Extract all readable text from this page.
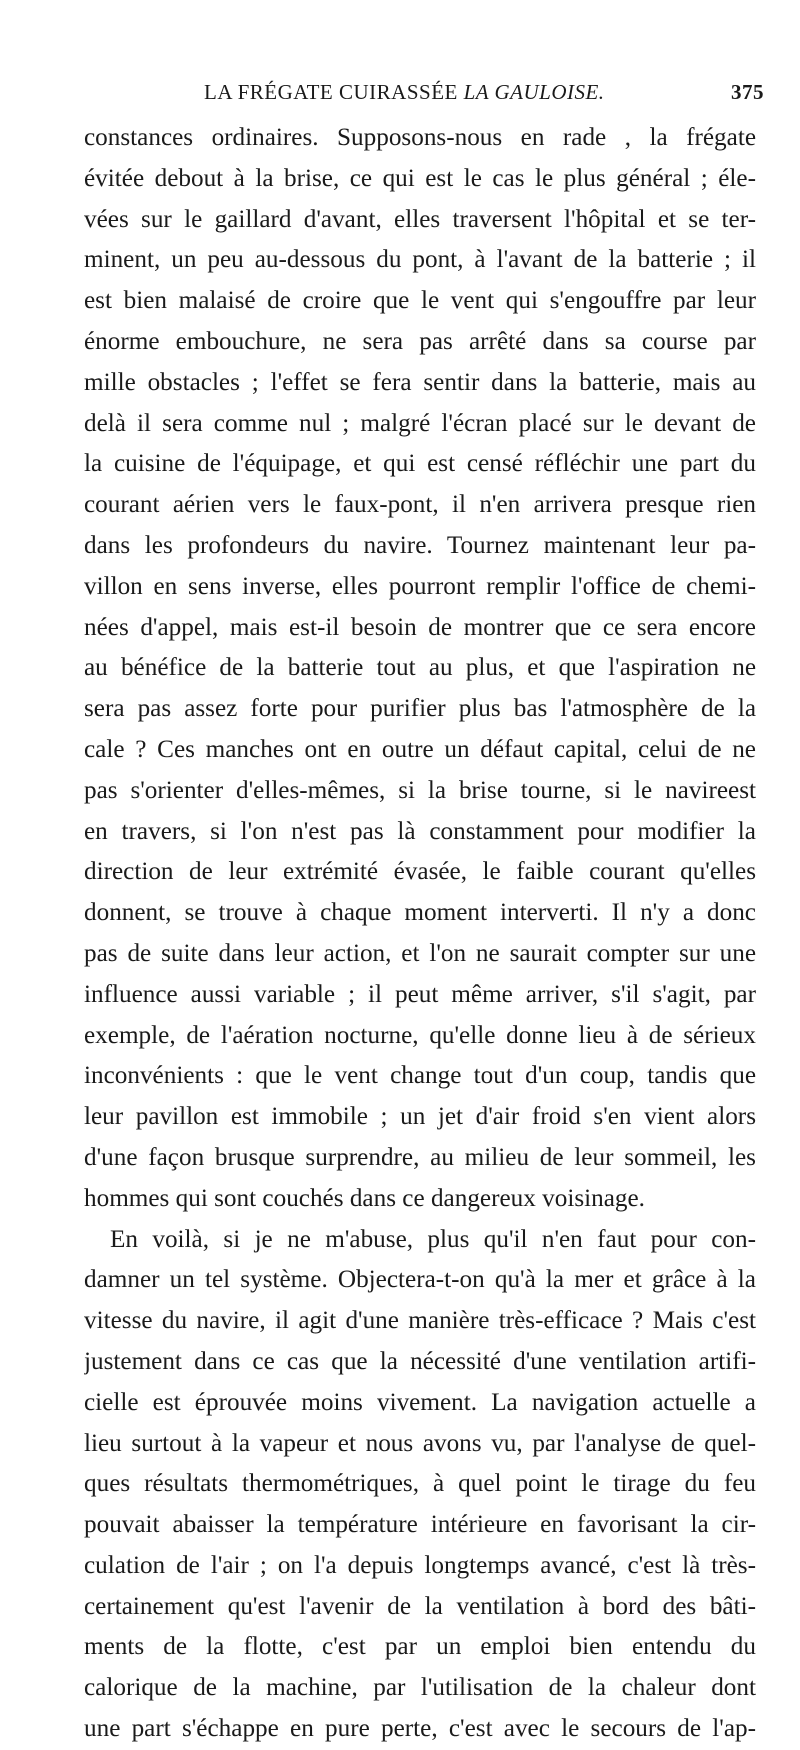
LA FRÉGATE CUIRASSÉE LA GAULOISE.	375
constances ordinaires. Supposons-nous en rade , la frégate
évitée debout à la brise, ce qui est le cas le plus général ; éle-
vées sur le gaillard d'avant, elles traversent l'hôpital et se ter-
minent, un peu au-dessous du pont, à l'avant de la batterie ; il
est bien malaisé de croire que le vent qui s'engouffre par leur
énorme embouchure, ne sera pas arrêté dans sa course par
mille obstacles ; l'effet se fera sentir dans la batterie, mais au
delà il sera comme nul ; malgré l'écran placé sur le devant de
la cuisine de l'équipage, et qui est censé réfléchir une part du
courant aérien vers le faux-pont, il n'en arrivera presque rien
dans les profondeurs du navire. Tournez maintenant leur pa-
villon en sens inverse, elles pourront remplir l'office de chemi-
nées d'appel, mais est-il besoin de montrer que ce sera encore
au bénéfice de la batterie tout au plus, et que l'aspiration ne
sera pas assez forte pour purifier plus bas l'atmosphère de la
cale ? Ces manches ont en outre un défaut capital, celui de ne
pas s'orienter d'elles-mêmes, si la brise tourne, si le navireest
en travers, si l'on n'est pas là constamment pour modifier la
direction de leur extrémité évasée, le faible courant qu'elles
donnent, se trouve à chaque moment interverti. Il n'y a donc
pas de suite dans leur action, et l'on ne saurait compter sur une
influence aussi variable ; il peut même arriver, s'il s'agit, par
exemple, de l'aération nocturne, qu'elle donne lieu à de sérieux
inconvénients : que le vent change tout d'un coup, tandis que
leur pavillon est immobile ; un jet d'air froid s'en vient alors
d'une façon brusque surprendre, au milieu de leur sommeil, les
hommes qui sont couchés dans ce dangereux voisinage.
En voilà, si je ne m'abuse, plus qu'il n'en faut pour con-
damner un tel système. Objectera-t-on qu'à la mer et grâce à la
vitesse du navire, il agit d'une manière très-efficace ? Mais c'est
justement dans ce cas que la nécessité d'une ventilation artifi-
cielle est éprouvée moins vivement. La navigation actuelle a
lieu surtout à la vapeur et nous avons vu, par l'analyse de quel-
ques résultats thermométriques, à quel point le tirage du feu
pouvait abaisser la température intérieure en favorisant la cir-
culation de l'air ; on l'a depuis longtemps avancé, c'est là très-
certainement qu'est l'avenir de la ventilation à bord des bâti-
ments de la flotte, c'est par un emploi bien entendu du
calorique de la machine, par l'utilisation de la chaleur dont
une part s'échappe en pure perte, c'est avec le secours de l'ap-
